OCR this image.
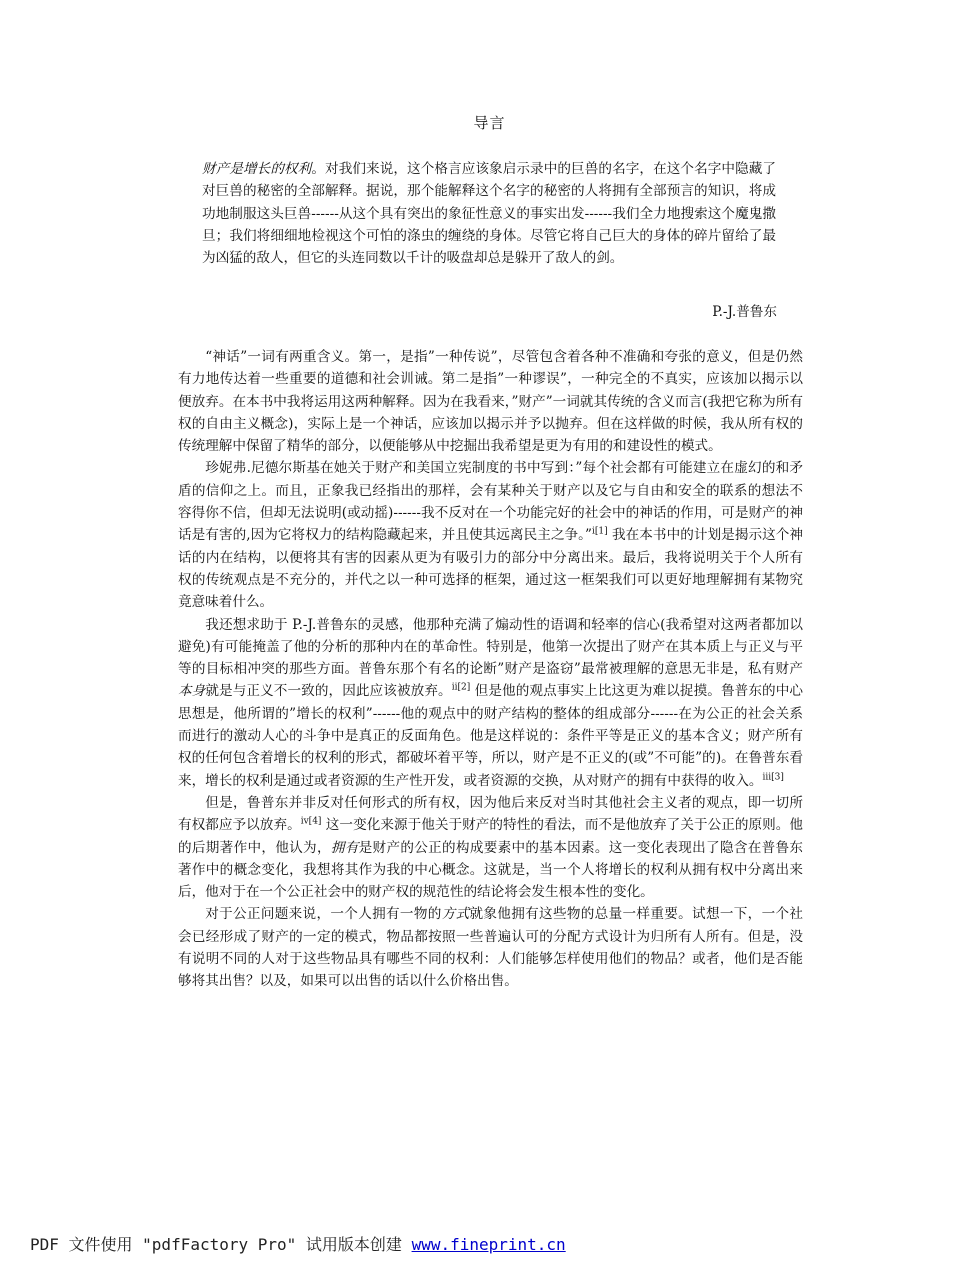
导言
财产是增长的权利。对我们来说，这个格言应该象启示录中的巨兽的名字，在这个名字中隐藏了对巨兽的秘密的全部解释。据说，那个能解释这个名字的秘密的人将拥有全部预言的知识，将成功地制服这头巨兽------从这个具有突出的象征性意义的事实出发------我们全力地搜索这个魔鬼撒旦；我们将细细地检视这个可怕的涤虫的缠绕的身体。尽管它将自己巨大的身体的碎片留给了最为凶猛的敌人，但它的头连同数以千计的吸盘却总是躲开了敌人的剑。
P.-J.普鲁东

“神话”一词有两重含义。第一，是指”一种传说”，尽管包含着各种不准确和夸张的意义，但是仍然有力地传达着一些重要的道德和社会训诫。第二是指”一种谬误”，一种完全的不真实，应该加以揭示以便放弃。在本书中我将运用这两种解释。因为在我看来，”财产”一词就其传统的含义而言(我把它称为所有权的自由主义概念)，实际上是一个神话，应该加以揭示并予以抛弃。但在这样做的时候，我从所有权的传统理解中保留了精华的部分，以便能够从中挖掘出我希望是更为有用的和建设性的模式。

珍妮弗.尼德尔斯基在她关于财产和美国立宪制度的书中写到：”每个社会都有可能建立在虚幻的和矛盾的信仰之上。而且，正象我已经指出的那样，会有某种关于财产以及它与自由和安全的联系的想法不容得你不信，但却无法说明(或动摇)------我不反对在一个功能完好的社会中的神话的作用，可是财产的神话是有害的,因为它将权力的结构隐藏起来，并且使其远离民主之争。”$^{i[1]}$ 我在本书中的计划是揭示这个神话的内在结构，以便将其有害的因素从更为有吸引力的部分中分离出来。最后，我将说明关于个人所有权的传统观点是不充分的，并代之以一种可选择的框架，通过这一框架我们可以更好地理解拥有某物究竟意味着什么。

我还想求助于 P.-J.普鲁东的灵感，他那种充满了煽动性的语调和轻率的信心(我希望对这两者都加以避免)有可能掩盖了他的分析的那种内在的革命性。特别是，他第一次提出了财产在其本质上与正义与平等的目标相冲突的那些方面。普鲁东那个有名的论断”财产是盗窃”最常被理解的意思无非是，私有财产本身就是与正义不一致的，因此应该被放弃。$^{ii[2]}$ 但是他的观点事实上比这更为难以捉摸。鲁普东的中心思想是，他所谓的”增长的权利”------他的观点中的财产结构的整体的组成部分------在为公正的社会关系而进行的激动人心的斗争中是真正的反面角色。他是这样说的：条件平等是正义的基本含义；财产所有权的任何包含着增长的权利的形式，都破坏着平等，所以，财产是不正义的(或”不可能”的)。在鲁普东看来，增长的权利是通过或者资源的生产性开发，或者资源的交换，从对财产的拥有中获得的收入。$^{iii[3]}$

但是，鲁普东并非反对任何形式的所有权，因为他后来反对当时其他社会主义者的观点，即一切所有权都应予以放弃。$^{iv[4]}$ 这一变化来源于他关于财产的特性的看法，而不是他放弃了关于公正的原则。他的后期著作中，他认为，拥有是财产的公正的构成要素中的基本因素。这一变化表现出了隐含在普鲁东著作中的概念变化，我想将其作为我的中心概念。这就是，当一个人将增长的权利从拥有权中分离出来后，他对于在一个公正社会中的财产权的规范性的结论将会发生根本性的变化。

对于公正问题来说，一个人拥有一物的方式就象他拥有这些物的总量一样重要。试想一下，一个社会已经形成了财产的一定的模式，物品都按照一些普遍认可的分配方式设计为归所有人所有。但是，没有说明不同的人对于这些物品具有哪些不同的权利：人们能够怎样使用他们的物品？或者，他们是否能够将其出售？以及，如果可以出售的话以什么价格出售。

PDF 文件使用 "pdfFactory Pro" 试用版本创建 www.fineprint.cn
